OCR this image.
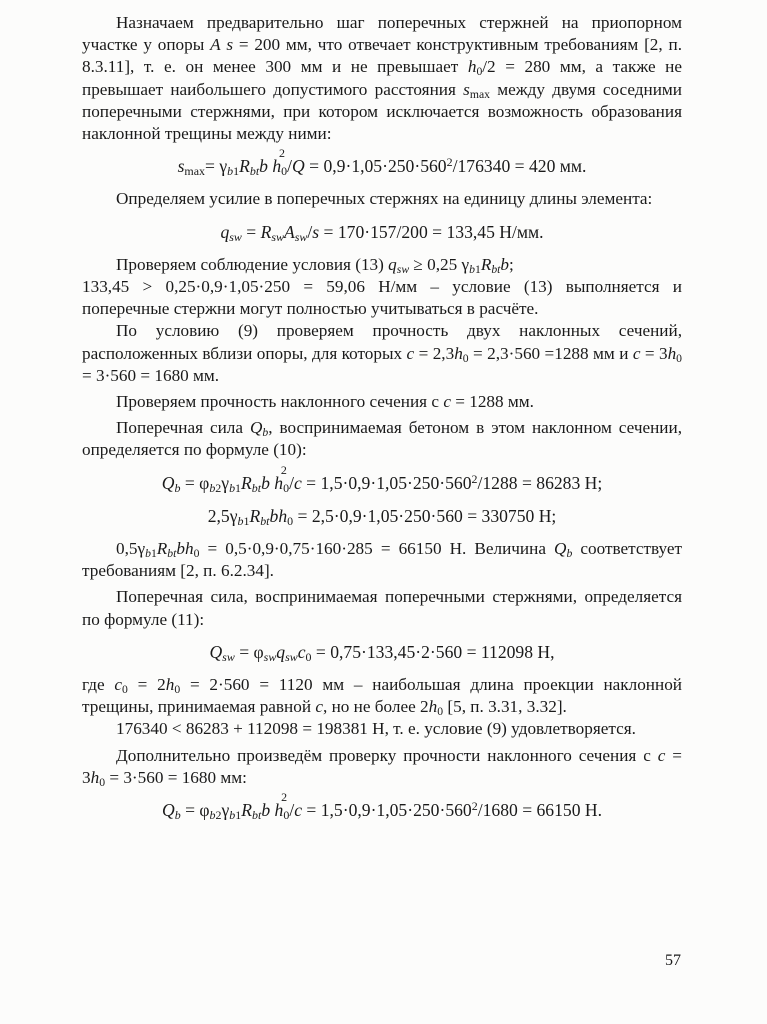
Назначаем предварительно шаг поперечных стержней на приопорном участке у опоры А s = 200 мм, что отвечает конструктивным требованиям [2, п. 8.3.11], т. е. он менее 300 мм и не превышает $h_0/2 = 280$ мм, а также не превышает наибольшего допустимого расстояния $s_{max}$ между двумя соседними поперечными стержнями, при котором исключается возможность образования наклонной трещины между ними:

$s_{max}= \gamma_{b1}R_{bt}b$ h
2
$_0/Q = 0,9\cdot 1,05\cdot 250\cdot 560^2/176340 = 420$ мм.

Определяем усилие в поперечных стержнях на единицу длины элемента:

$q_{sw} = R_{sw}A_{sw}/s = 170\cdot 157/200 = 133,45$ Н/мм.

Проверяем соблюдение условия (13) $q_{sw} \ge 0,25$ $\gamma_{b1}R_{bt}b$;

133,45 > 0,25·0,9·1,05·250 = 59,06 Н/мм – условие (13) выполняется и поперечные стержни могут полностью учитываться в расчёте.

По условию (9) проверяем прочность двух наклонных сечений, расположенных вблизи опоры, для которых $с = 2,3h_0 = 2,3\cdot 560 =1288$ мм и $с = 3h_0 = 3\cdot 560 = 1680$ мм.

Проверяем прочность наклонного сечения с с = 1288 мм.

Поперечная сила $Q_b$, воспринимаемая бетоном в этом наклонном сечении, определяется по формуле (10):

$Q_b = \varphi_{b2}\gamma_{b1}R_{bt}b$ h
2
$_0/c = 1,5\cdot 0,9\cdot 1,05\cdot 250\cdot 560^2/1288 = 86283$ Н;
$2,5\gamma_{b1}R_{bt}bh_0 = 2,5\cdot 0,9\cdot 1,05\cdot 250\cdot 560 = 330750$ Н;

$0,5\gamma_{b1}R_{bt}bh_0 = 0,5\cdot 0,9\cdot 0,75\cdot 160\cdot 285 = 66150$ Н. Величина $Q_b$ соответствует требованиям [2, п. 6.2.34].

Поперечная сила, воспринимаемая поперечными стержнями, определяется по формуле (11):

$Q_{sw} = \varphi_{sw}q_{sw}c_0 = 0,75\cdot 133,45\cdot 2\cdot 560 = 112098$ Н,

где $с_0 = 2h_0 = 2\cdot 560 = 1120$ мм – наибольшая длина проекции наклонной трещины, принимаемая равной с, но не более $2h_0$ [5, п. 3.31, 3.32].

176340 < 86283 + 112098 = 198381 Н, т. е. условие (9) удовлетворяется.

Дополнительно произведём проверку прочности наклонного сечения с $с = 3h_0 = 3\cdot 560 = 1680$ мм:

$Q_b = \varphi_{b2}\gamma_{b1}R_{bt}b$ h
2
$_0/c = 1,5\cdot 0,9\cdot 1,05\cdot 250\cdot 560^2/1680 = 66150$ Н.
57
